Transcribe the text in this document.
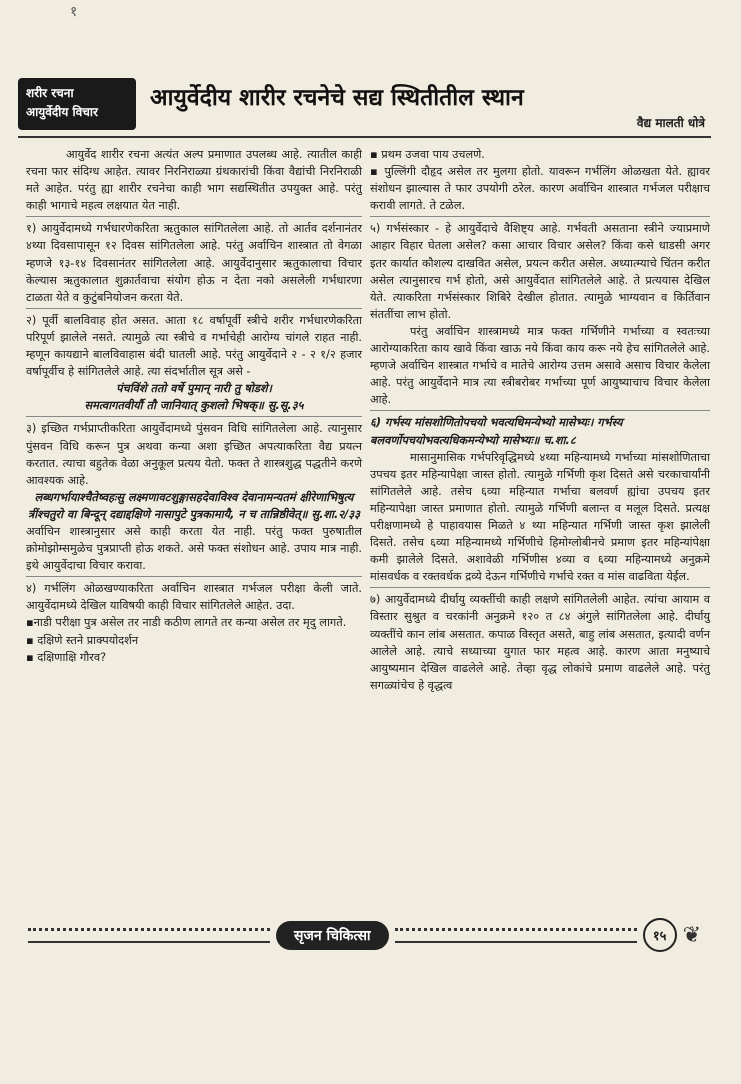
१
शरीर रचना
आयुर्वेदीय विचार
आयुर्वेदीय शारीर रचनेचे सद्य स्थितीतील स्थान
वैद्य मालती धोत्रे

आयुर्वेद शारीर रचना अत्यंत अल्प प्रमाणात उपलब्ध आहे. त्यातील काही रचना फार संदिग्ध आहेत. त्यावर निरनिराळ्या ग्रंथकारांची किंवा वैद्यांची निरनिराळी मते आहेत. परंतु ह्या शारीर रचनेचा काही भाग सद्यस्थितीत उपयुक्त आहे. परंतु काही भागाचे महत्व लक्षयात येत नाही.

१) आयुर्वेदामध्ये गर्भधारणेकरिता ऋतुकाल सांगितलेला आहे. तो आर्तव दर्शनानंतर ४थ्या दिवसापासून १२ दिवस सांगितलेला आहे. परंतु अर्वाचिन शास्त्रात तो वेगळा म्हणजे १३-१४ दिवसानंतर सांगितलेला आहे. आयुर्वेदानुसार ऋतुकालाचा विचार केल्यास ऋतुकालात शुक्रार्तवाचा संयोग होऊ न देता नको असलेली गर्भधारणा टाळता येते व कुटुंबनियोजन करता येते.

२) पूर्वी बालविवाह होत असत. आता १८ वर्षापूर्वी स्त्रीचे शरीर गर्भधारणेकरिता परिपूर्ण झालेले नसते. त्यामुळे त्या स्त्रीचे व गर्भाचेही आरोग्य चांगले राहत नाही. म्हणून कायद्याने बालविवाहास बंदी घातली आहे. परंतु आयुर्वेदाने २ - २ १/२ हजार वर्षापूर्वीच हे सांगितलेले आहे. त्या संदर्भातील सूत्र असे -

पंचविंशे ततो वर्षे पुमान् नारी तु षोडशे।

समत्वागतवीर्यौ तौ जानियात् कुशलो भिषक्॥ सु.सू.३५

३) इच्छित गर्भप्राप्तीकरिता आयुर्वेदामध्ये पुंसवन विधि सांगितलेला आहे. त्यानुसार पुंसवन विधि करून पुत्र अथवा कन्या अशा इच्छित अपत्याकरिता वैद्य प्रयत्न करतात. त्याचा बहुतेक वेळा अनुकूल प्रत्यय येतो. फक्त ते शास्त्रशुद्ध पद्धतीने करणे आवश्यक आहे.

लब्धगर्भायाश्चैतेष्वहःसु लक्ष्मणावटशुङ्गासहदेवाविश्व देवानामन्यतमं क्षीरेणाभिषुत्य त्रींश्चतुरो वा बिन्दून् दद्याद्दक्षिणे नासापुटे पुत्रकामायै, न च तान्निष्ठीवेत्॥ सु.शा.२/३३

अर्वाचिन शास्त्रानुसार असे काही करता येत नाही. परंतु फक्त पुरुषातील क्रोमोझोम्समुळेच पुत्रप्राप्ती होऊ शकते. असे फक्त संशोधन आहे. उपाय मात्र नाही. इथे आयुर्वेदाचा विचार करावा.

४) गर्भलिंग ओळखण्याकरिता अर्वाचिन शास्त्रात गर्भजल परीक्षा केली जाते. आयुर्वेदामध्ये देखिल याविषयी काही विचार सांगितलेले आहेत. उदा.

▪नाडी परीक्षा पुत्र असेल तर नाडी कठीण लागते तर कन्या असेल तर मृदु लागते.

▪ दक्षिणे स्तने प्राक्पयोदर्शन

▪ दक्षिणाक्षि गौरव?

▪ प्रथम उजवा पाय उचलणे.

▪ पुल्लिंगी दौहृद असेल तर मुलगा होतो. यावरून गर्भलिंग ओळखता येते. ह्यावर संशोधन झाल्यास ते फार उपयोगी ठरेल. कारण अर्वाचिन शास्त्रात गर्भजल परीक्षाच करावी लागते. ते टळेल.

५) गर्भसंस्कार - हे आयुर्वेदाचे वैशिष्ट्य आहे. गर्भवती असताना स्त्रीने ज्याप्रमाणे आहार विहार घेतला असेल? कसा आचार विचार असेल? किंवा कसे धाडसी अगर इतर कार्यात कौशल्य दाखवित असेल, प्रयत्न करीत असेल. अध्यात्म्याचे चिंतन करीत असेल त्यानुसारच गर्भ होतो, असे आयुर्वेदात सांगितलेले आहे. ते प्रत्ययास देखिल येते. त्याकरिता गर्भसंस्कार शिबिरे देखील होतात. त्यामुळे भाग्यवान व किर्तिवान संततींचा लाभ होतो.

परंतु अर्वाचिन शास्त्रामध्ये मात्र फक्त गर्भिणीने गर्भाच्या व स्वतःच्या आरोग्याकरिता काय खावे किंवा खाऊ नये किंवा काय करू नये हेच सांगितलेले आहे. म्हणजे अर्वाचिन शास्त्रात गर्भाचे व मातेचे आरोग्य उत्तम असावे असाच विचार केलेला आहे. परंतु आयुर्वेदाने मात्र त्या स्त्रीबरोबर गर्भाच्या पूर्ण आयुष्याचाच विचार केलेला आहे.

६) गर्भस्य मांसशोणितोपचयो भवत्यधिमन्येभ्यो मासेभ्यः। गर्भस्य बलवर्णोपचयोभवत्यधिकमन्येभ्यो मासेभ्यः॥ च.शा.८

मासानुमासिक गर्भपरिवृद्धिमध्ये ४थ्या महिन्यामध्ये गर्भाच्या मांसशोणिताचा उपचय इतर महिन्यापेक्षा जास्त होतो. त्यामुळे गर्भिणी कृश दिसते असे चरकाचार्यांनी सांगितलेले आहे. तसेच ६व्या महिन्यात गर्भाचा बलवर्ण ह्यांचा उपचय इतर महिन्यापेक्षा जास्त प्रमाणात होतो. त्यामुळे गर्भिणी बलान्त व मलूल दिसते. प्रत्यक्ष परीक्षणामध्ये हे पाहावयास मिळते ४ थ्या महिन्यात गर्भिणी जास्त कृश झालेली दिसते. तसेच ६व्या महिन्यामध्ये गर्भिणीचे हिमोग्लोबीनचे प्रमाण इतर महिन्यांपेक्षा कमी झालेले दिसते. अशावेळी गर्भिणीस ४व्या व ६व्या महिन्यामध्ये अनुक्रमे मांसवर्धक व रक्तवर्धक द्रव्ये देऊन गर्भिणीचे गर्भाचे रक्त व मांस वाढविता येईल.

७) आयुर्वेदामध्ये दीर्घायु व्यक्तींची काही लक्षणे सांगितलेली आहेत. त्यांचा आयाम व विस्तार सुश्रुत व चरकांनी अनुक्रमे १२० त ८४ अंगुले सांगितलेला आहे. दीर्घायु व्यक्तींचे कान लांब असतात. कपाळ विस्तृत असते, बाहु लांब असतात, इत्यादी वर्णन आलेले आहे. त्याचे सध्याच्या युगात फार महत्व आहे. कारण आता मनुष्याचे आयुष्यमान देखिल वाढलेले आहे. तेव्हा वृद्ध लोकांचे प्रमाण वाढलेले आहे. परंतु सगळ्यांचेच हे वृद्धत्व

सृजन चिकित्सा	१५ ❦
